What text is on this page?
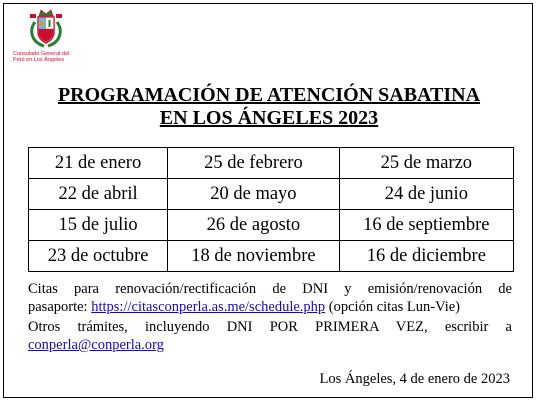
Consulado General del
Perú en Los Ángeles
PROGRAMACIÓN DE ATENCIÓN SABATINA
EN LOS ÁNGELES 2023
21 de enero	25 de febrero	25 de marzo
22 de abril	20 de mayo	24 de junio
15 de julio	26 de agosto	16 de septiembre
23 de octubre	18 de noviembre	16 de diciembre
Citas para renovación/rectificación de DNI y emisión/renovación de
pasaporte: https://citasconperla.as.me/schedule.php (opción citas Lun-Vie)
Otros trámites, incluyendo DNI POR PRIMERA VEZ, escribir a
conperla@conperla.org
Los Ángeles, 4 de enero de 2023
